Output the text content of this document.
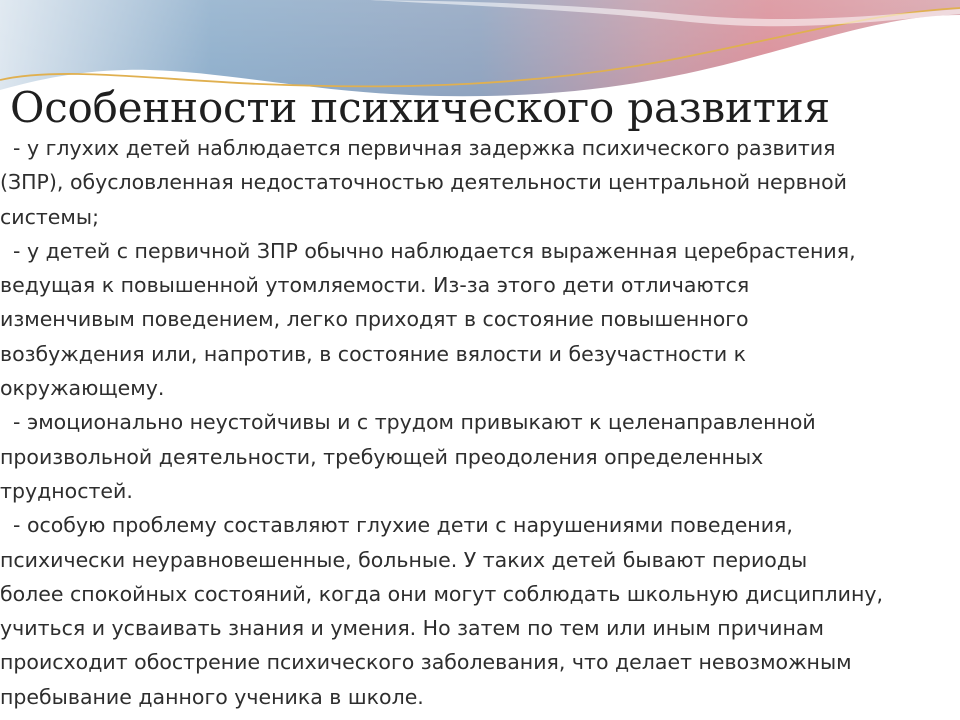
Особенности психического развития
- у глухих детей наблюдается первичная задержка психического развития
(ЗПР), обусловленная недостаточностью деятельности центральной нервной
системы;
- у детей с первичной ЗПР обычно наблюдается выраженная церебрастения,
ведущая к повышенной утомляемости. Из-за этого дети отличаются
изменчивым поведением, легко приходят в состояние повышенного
возбуждения или, напротив, в состояние вялости и безучастности к
окружающему.
- эмоционально неустойчивы и с трудом привыкают к целенаправленной
произвольной деятельности, требующей преодоления определенных
трудностей.
- особую проблему составляют глухие дети с нарушениями поведения,
психически неуравновешенные, больные. У таких детей бывают периоды
более спокойных состояний, когда они могут соблюдать школьную дисциплину,
учиться и усваивать знания и умения. Но затем по тем или иным причинам
происходит обострение психического заболевания, что делает невозможным
пребывание данного ученика в школе.
